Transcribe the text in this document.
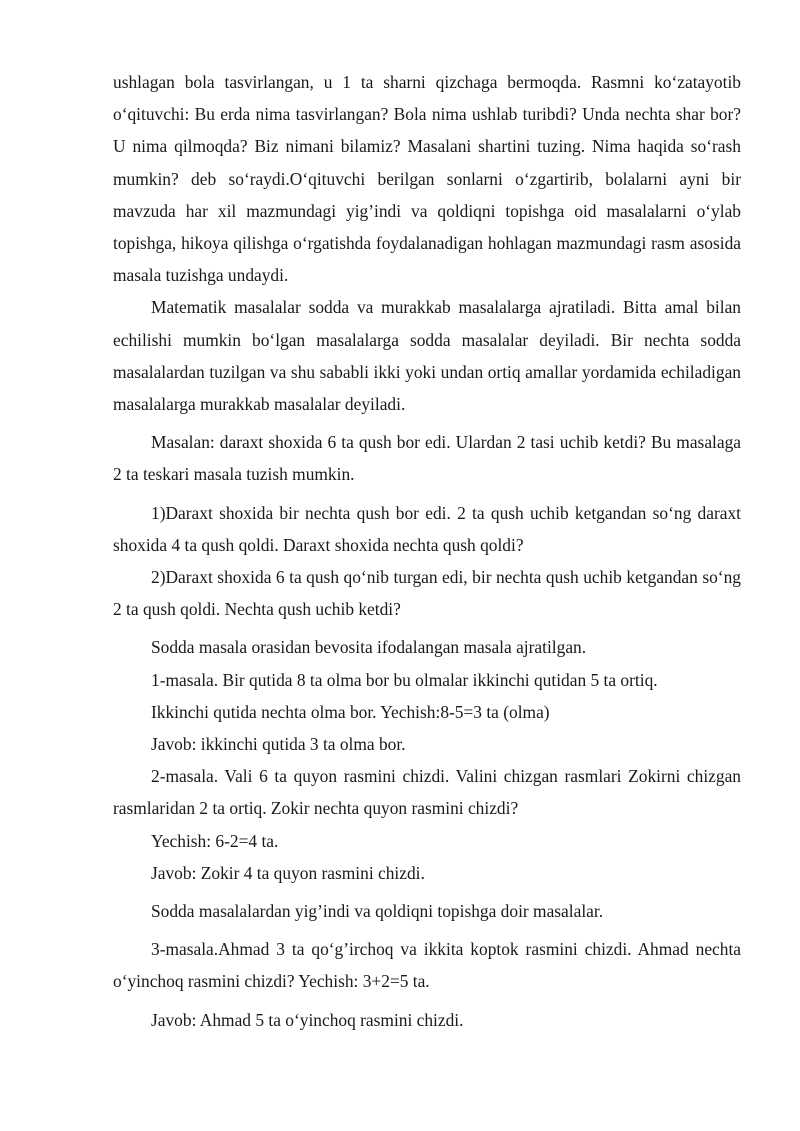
ushlagan bola tasvirlangan, u 1 ta sharni qizchaga bermoqda. Rasmni ko‘zatayotib o‘qituvchi: Bu erda nima tasvirlangan? Bola nima ushlab turibdi? Unda nechta shar bor? U nima qilmoqda? Biz nimani bilamiz? Masalani shartini tuzing. Nima haqida so‘rash mumkin? deb so‘raydi.O‘qituvchi berilgan sonlarni o‘zgartirib, bolalarni ayni bir mavzuda har xil mazmundagi yig’indi va qoldiqni topishga oid masalalarni o‘ylab topishga, hikoya qilishga o‘rgatishda foydalanadigan hohlagan mazmundagi rasm asosida masala tuzishga undaydi.

Matematik masalalar sodda va murakkab masalalarga ajratiladi. Bitta amal bilan echilishi mumkin bo‘lgan masalalarga sodda masalalar deyiladi. Bir nechta sodda masalalardan tuzilgan va shu sababli ikki yoki undan ortiq amallar yordamida echiladigan masalalarga murakkab masalalar deyiladi.

Masalan: daraxt shoxida 6 ta qush bor edi. Ulardan 2 tasi uchib ketdi? Bu masalaga 2 ta teskari masala tuzish mumkin.

1)Daraxt shoxida bir nechta qush bor edi. 2 ta qush uchib ketgandan so‘ng daraxt shoxida 4 ta qush qoldi. Daraxt shoxida nechta qush qoldi?

2)Daraxt shoxida 6 ta qush qo‘nib turgan edi, bir nechta qush uchib ketgandan so‘ng 2 ta qush qoldi. Nechta qush uchib ketdi?

Sodda masala orasidan bevosita ifodalangan masala ajratilgan.

1-masala. Bir qutida 8 ta olma bor bu olmalar ikkinchi qutidan 5 ta ortiq.

Ikkinchi qutida nechta olma bor. Yechish:8-5=3 ta (olma)

Javob: ikkinchi qutida 3 ta olma bor.

2-masala. Vali 6 ta quyon rasmini chizdi. Valini chizgan rasmlari Zokirni chizgan rasmlaridan 2 ta ortiq. Zokir nechta quyon rasmini chizdi?

Yechish: 6-2=4 ta.

Javob: Zokir 4 ta quyon rasmini chizdi.

Sodda masalalardan yig’indi va qoldiqni topishga doir masalalar.

3-masala.Ahmad 3 ta qo‘g’irchoq va ikkita koptok rasmini chizdi. Ahmad nechta o‘yinchoq rasmini chizdi? Yechish: 3+2=5 ta.

Javob: Ahmad 5 ta o‘yinchoq rasmini chizdi.
